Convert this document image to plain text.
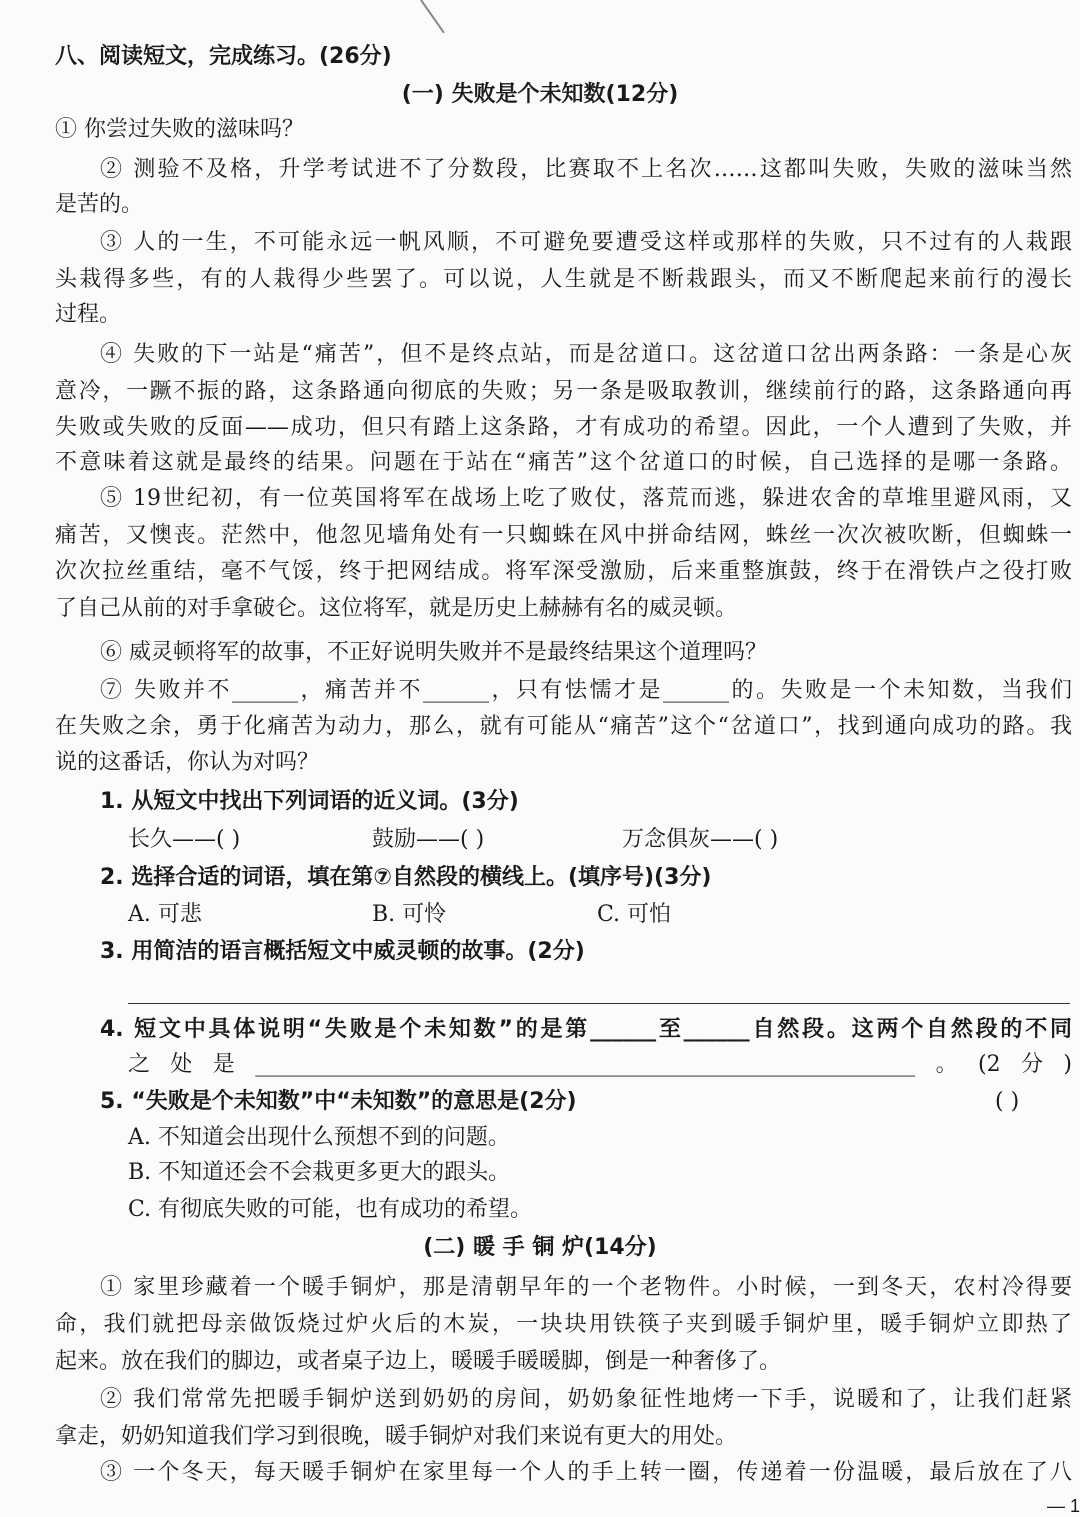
八、阅读短文，完成练习。(26分)
(一) 失败是个未知数(12分)
① 你尝过失败的滋味吗？
② 测验不及格，升学考试进不了分数段，比赛取不上名次……这都叫失败，失败的滋味当然
是苦的。
③ 人的一生，不可能永远一帆风顺，不可避免要遭受这样或那样的失败，只不过有的人栽跟
头栽得多些，有的人栽得少些罢了。可以说，人生就是不断栽跟头，而又不断爬起来前行的漫长
过程。
④ 失败的下一站是“痛苦”，但不是终点站，而是岔道口。这岔道口岔出两条路：一条是心灰
意冷，一蹶不振的路，这条路通向彻底的失败；另一条是吸取教训，继续前行的路，这条路通向再
失败或失败的反面——成功，但只有踏上这条路，才有成功的希望。因此，一个人遭到了失败，并
不意味着这就是最终的结果。问题在于站在“痛苦”这个岔道口的时候，自己选择的是哪一条路。
⑤ 19世纪初，有一位英国将军在战场上吃了败仗，落荒而逃，躲进农舍的草堆里避风雨，又
痛苦，又懊丧。茫然中，他忽见墙角处有一只蜘蛛在风中拼命结网，蛛丝一次次被吹断，但蜘蛛一
次次拉丝重结，毫不气馁，终于把网结成。将军深受激励，后来重整旗鼓，终于在滑铁卢之役打败
了自己从前的对手拿破仑。这位将军，就是历史上赫赫有名的威灵顿。
⑥ 威灵顿将军的故事，不正好说明失败并不是最终结果这个道理吗？
⑦ 失败并不______，痛苦并不______，只有怯懦才是______的。失败是一个未知数，当我们
在失败之余，勇于化痛苦为动力，那么，就有可能从“痛苦”这个“岔道口”，找到通向成功的路。我
说的这番话，你认为对吗？
1. 从短文中找出下列词语的近义词。(3分)
长久——( )	鼓励——( )	万念俱灰——( )
2. 选择合适的词语，填在第⑦自然段的横线上。(填序号)(3分)
A. 可悲	B. 可怜	C. 可怕
3. 用简洁的语言概括短文中威灵顿的故事。(2分)
4. 短文中具体说明“失败是个未知数”的是第______至______自然段。这两个自然段的不同
之处是____________________________________________________________。(2分)
5. “失败是个未知数”中“未知数”的意思是(2分)	( )
A. 不知道会出现什么预想不到的问题。
B. 不知道还会不会栽更多更大的跟头。
C. 有彻底失败的可能，也有成功的希望。
(二) 暖 手 铜 炉(14分)
① 家里珍藏着一个暖手铜炉，那是清朝早年的一个老物件。小时候，一到冬天，农村冷得要
命，我们就把母亲做饭烧过炉火后的木炭，一块块用铁筷子夹到暖手铜炉里，暖手铜炉立即热了
起来。放在我们的脚边，或者桌子边上，暖暖手暖暖脚，倒是一种奢侈了。
② 我们常常先把暖手铜炉送到奶奶的房间，奶奶象征性地烤一下手，说暖和了，让我们赶紧
拿走，奶奶知道我们学习到很晚，暖手铜炉对我们来说有更大的用处。
③ 一个冬天，每天暖手铜炉在家里每一个人的手上转一圈，传递着一份温暖，最后放在了八
— 1
